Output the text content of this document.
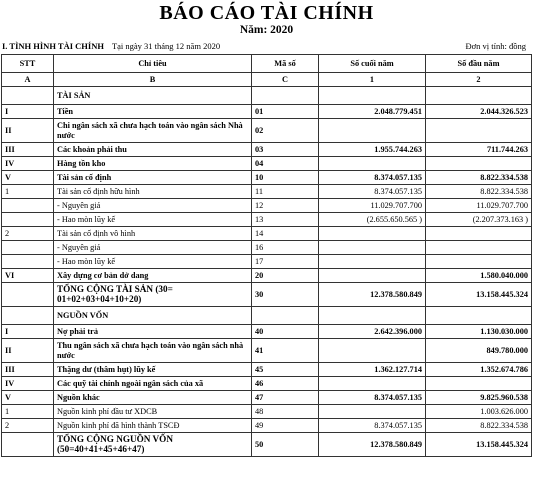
BÁO CÁO TÀI CHÍNH
Năm: 2020
I. TÌNH HÌNH TÀI CHÍNH Tại ngày 31 tháng 12 năm 2020	Đơn vị tính: đồng
STT	Chỉ tiêu	Mã số	Số cuối năm	Số đầu năm
A	B	C	1	2
	TÀI SẢN			
I	Tiền	01	2.048.779.451	2.044.326.523
II	Chi ngân sách xã chưa hạch toán vào ngân sách Nhà nước	02		
III	Các khoản phải thu	03	1.955.744.263	711.744.263
IV	Hàng tồn kho	04		
V	Tài sản cố định	10	8.374.057.135	8.822.334.538
1	Tài sản cố định hữu hình	11	8.374.057.135	8.822.334.538
	- Nguyên giá	12	11.029.707.700	11.029.707.700
	- Hao mòn lũy kế	13	(2.655.650.565 )	(2.207.373.163 )
2	Tài sản cố định vô hình	14		
	- Nguyên giá	16		
	- Hao mòn lũy kế	17		
VI	Xây dựng cơ bản dở dang	20		1.580.040.000
	TỔNG CỘNG TÀI SẢN (30= 01+02+03+04+10+20)	30	12.378.580.849	13.158.445.324
	NGUỒN VỐN			
I	Nợ phải trả	40	2.642.396.000	1.130.030.000
II	Thu ngân sách xã chưa hạch toán vào ngân sách nhà nước	41		849.780.000
III	Thặng dư (thâm hụt) lũy kế	45	1.362.127.714	1.352.674.786
IV	Các quỹ tài chính ngoài ngân sách của xã	46		
V	Nguồn khác	47	8.374.057.135	9.825.960.538
1	Nguồn kinh phí đầu tư XDCB	48		1.003.626.000
2	Nguồn kinh phí đã hình thành TSCĐ	49	8.374.057.135	8.822.334.538
	TỔNG CỘNG NGUỒN VỐN (50=40+41+45+46+47)	50	12.378.580.849	13.158.445.324
